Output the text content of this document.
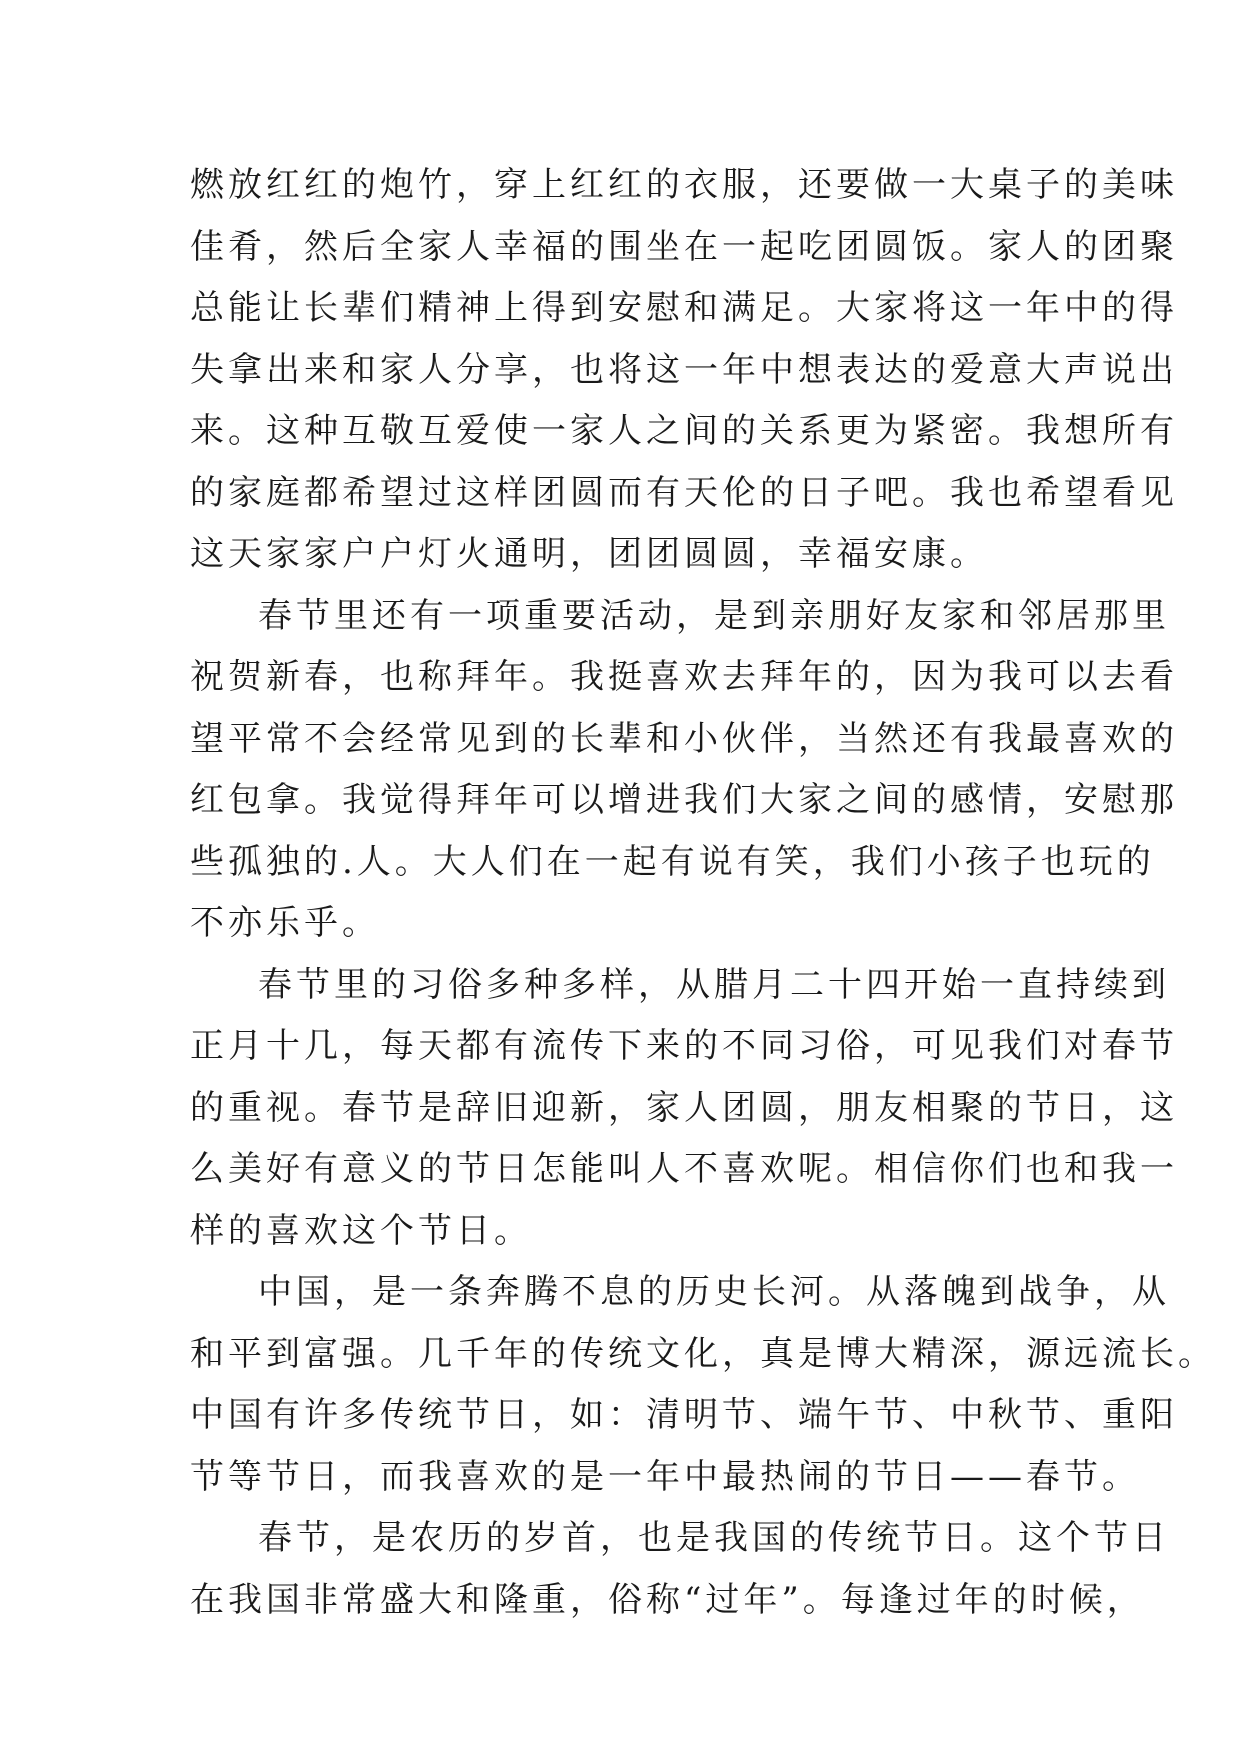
燃放红红的炮竹，穿上红红的衣服，还要做一大桌子的美味
佳肴，然后全家人幸福的围坐在一起吃团圆饭。家人的团聚
总能让长辈们精神上得到安慰和满足。大家将这一年中的得
失拿出来和家人分享，也将这一年中想表达的爱意大声说出
来。这种互敬互爱使一家人之间的关系更为紧密。我想所有
的家庭都希望过这样团圆而有天伦的日子吧。我也希望看见
这天家家户户灯火通明，团团圆圆，幸福安康。
春节里还有一项重要活动，是到亲朋好友家和邻居那里
祝贺新春，也称拜年。我挺喜欢去拜年的，因为我可以去看
望平常不会经常见到的长辈和小伙伴，当然还有我最喜欢的
红包拿。我觉得拜年可以增进我们大家之间的感情，安慰那
些孤独的.人。大人们在一起有说有笑，我们小孩子也玩的
不亦乐乎。
春节里的习俗多种多样，从腊月二十四开始一直持续到
正月十几，每天都有流传下来的不同习俗，可见我们对春节
的重视。春节是辞旧迎新，家人团圆，朋友相聚的节日，这
么美好有意义的节日怎能叫人不喜欢呢。相信你们也和我一
样的喜欢这个节日。
中国，是一条奔腾不息的历史长河。从落魄到战争，从
和平到富强。几千年的传统文化，真是博大精深，源远流长。
中国有许多传统节日，如：清明节、端午节、中秋节、重阳
节等节日，而我喜欢的是一年中最热闹的节日——春节。
春节，是农历的岁首，也是我国的传统节日。这个节日
在我国非常盛大和隆重，俗称“过年”。每逢过年的时候，
